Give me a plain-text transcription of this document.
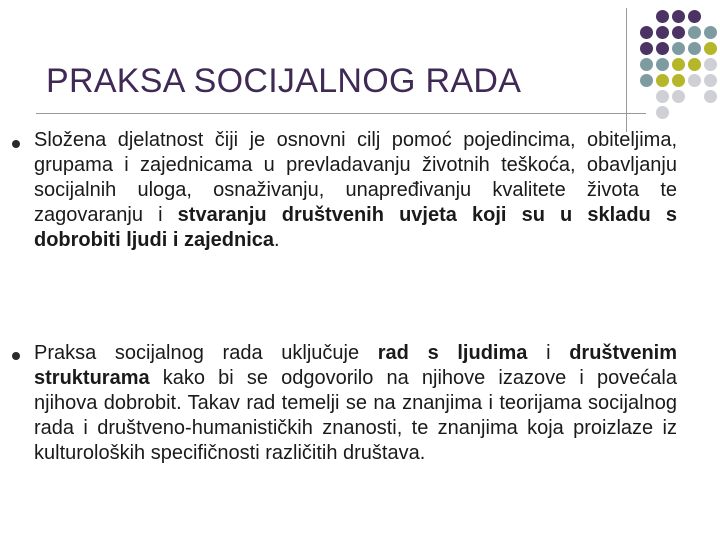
PRAKSA SOCIJALNOG RADA
Složena djelatnost čiji je osnovni cilj pomoć pojedincima, obiteljima, grupama i zajednicama u prevladavanju životnih teškoća, obavljanju socijalnih uloga, osnaživanju, unapređivanju kvalitete života te zagovaranju i stvaranju društvenih uvjeta koji su u skladu s dobrobiti ljudi i zajednica.
Praksa socijalnog rada uključuje rad s ljudima i društvenim strukturama kako bi se odgovorilo na njihove izazove i povećala njihova dobrobit. Takav rad temelji se na znanjima i teorijama socijalnog rada i društveno-humanističkih znanosti, te znanjima koja proizlaze iz kulturoloških specifičnosti različitih društava.
